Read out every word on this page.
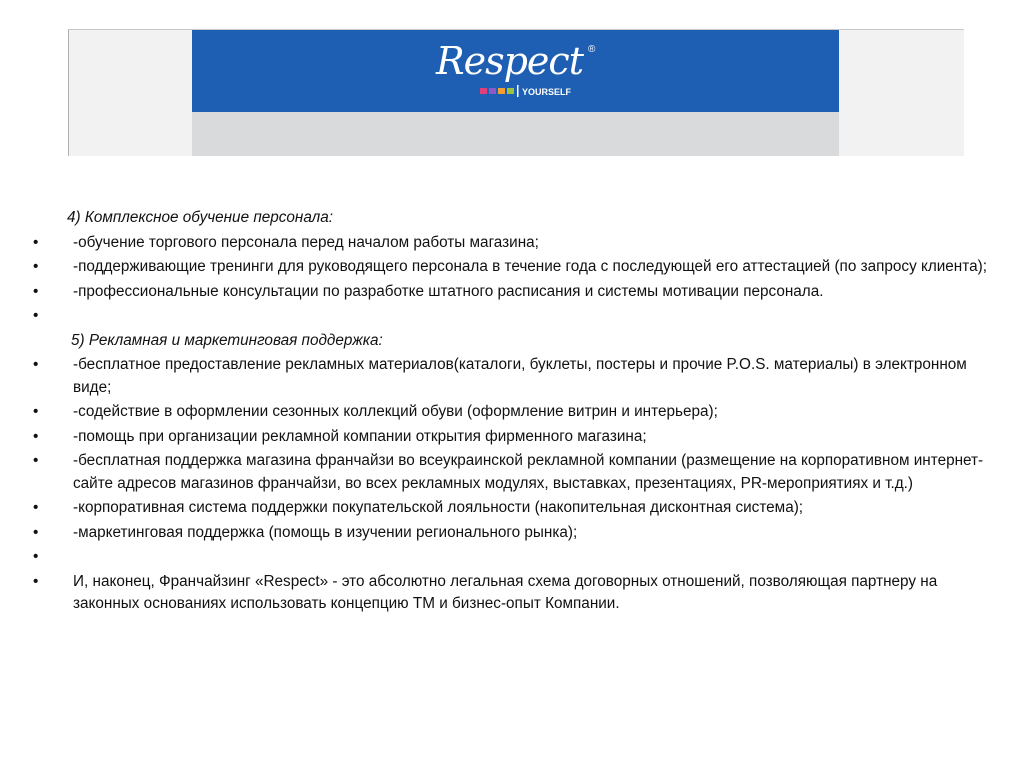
Respect ®
YOURSELF
4) Комплексное обучение персонала:
• -обучение торгового персонала перед началом работы магазина;
• -поддерживающие тренинги для руководящего персонала в течение года с последующей его аттестацией (по запросу клиента);
• -профессиональные консультации по разработке штатного расписания и системы мотивации персонала.
•
5) Рекламная и маркетинговая поддержка:
• -бесплатное предоставление рекламных материалов(каталоги, буклеты, постеры и прочие P.O.S. материалы) в электронном виде;
• -содействие в оформлении сезонных коллекций обуви (оформление витрин и интерьера);
• -помощь при организации рекламной компании открытия фирменного магазина;
• -бесплатная поддержка магазина франчайзи во всеукраинской рекламной компании (размещение на корпоративном интернет-сайте адресов магазинов франчайзи, во всех рекламных модулях, выставках, презентациях, PR-мероприятиях и т.д.)
• -корпоративная система поддержки покупательской лояльности (накопительная дисконтная система);
• -маркетинговая поддержка (помощь в изучении регионального рынка);
•
• И, наконец, Франчайзинг «Respect» - это абсолютно легальная схема договорных отношений, позволяющая партнеру на законных основаниях использовать концепцию ТМ и бизнес-опыт Компании.
